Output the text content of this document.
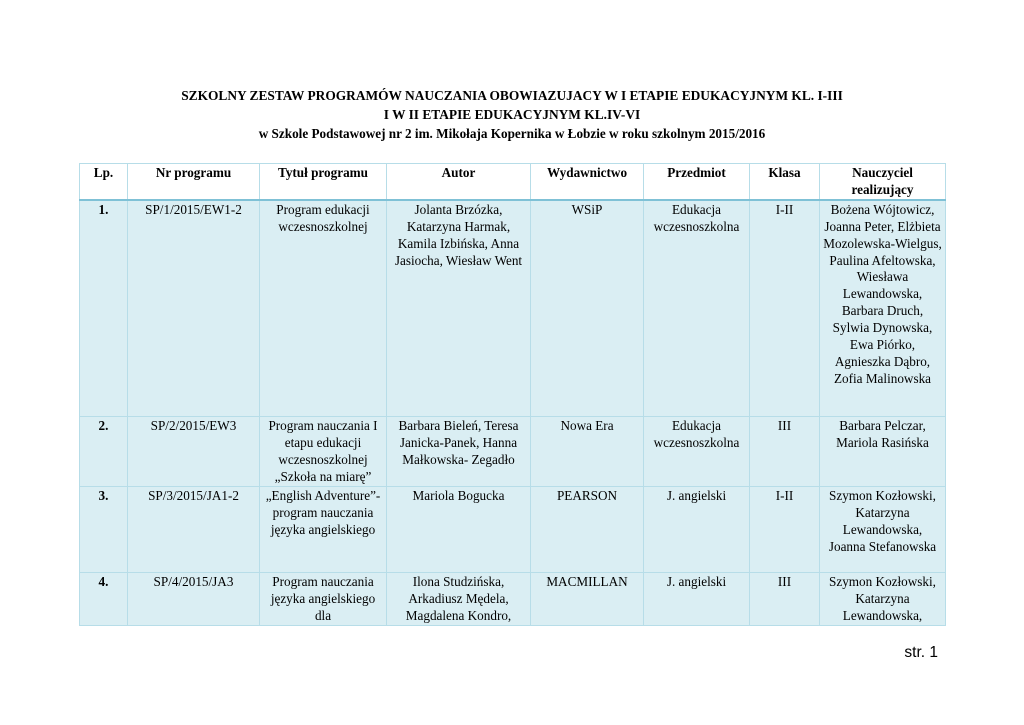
SZKOLNY ZESTAW PROGRAMÓW NAUCZANIA OBOWIAZUJACY W I ETAPIE EDUKACYJNYM KL. I-III
I W II ETAPIE EDUKACYJNYM KL.IV-VI
w Szkole Podstawowej nr 2 im. Mikołaja Kopernika w Łobzie w roku szkolnym 2015/2016
Lp.	Nr programu	Tytuł programu	Autor	Wydawnictwo	Przedmiot	Klasa	Nauczyciel realizujący
1.	SP/1/2015/EW1-2	Program edukacji wczesnoszkolnej	Jolanta Brzózka, Katarzyna Harmak, Kamila Izbińska, Anna Jasiocha, Wiesław Went	WSiP	Edukacja wczesnoszkolna	I-II	Bożena Wójtowicz, Joanna Peter, Elżbieta Mozolewska-Wielgus, Paulina Afeltowska, Wiesława Lewandowska, Barbara Druch, Sylwia Dynowska, Ewa Piórko, Agnieszka Dąbro, Zofia Malinowska
2.	SP/2/2015/EW3	Program nauczania I etapu edukacji wczesnoszkolnej „Szkoła na miarę”	Barbara Bieleń, Teresa Janicka-Panek, Hanna Małkowska- Zegadło	Nowa Era	Edukacja wczesnoszkolna	III	Barbara Pelczar, Mariola Rasińska
3.	SP/3/2015/JA1-2	„English Adventure”- program nauczania języka angielskiego	Mariola Bogucka	PEARSON	J. angielski	I-II	Szymon Kozłowski, Katarzyna Lewandowska, Joanna Stefanowska
4.	SP/4/2015/JA3	Program nauczania języka angielskiego dla	Ilona Studzińska, Arkadiusz Mędela, Magdalena Kondro,	MACMILLAN	J. angielski	III	Szymon Kozłowski, Katarzyna Lewandowska,
str. 1
